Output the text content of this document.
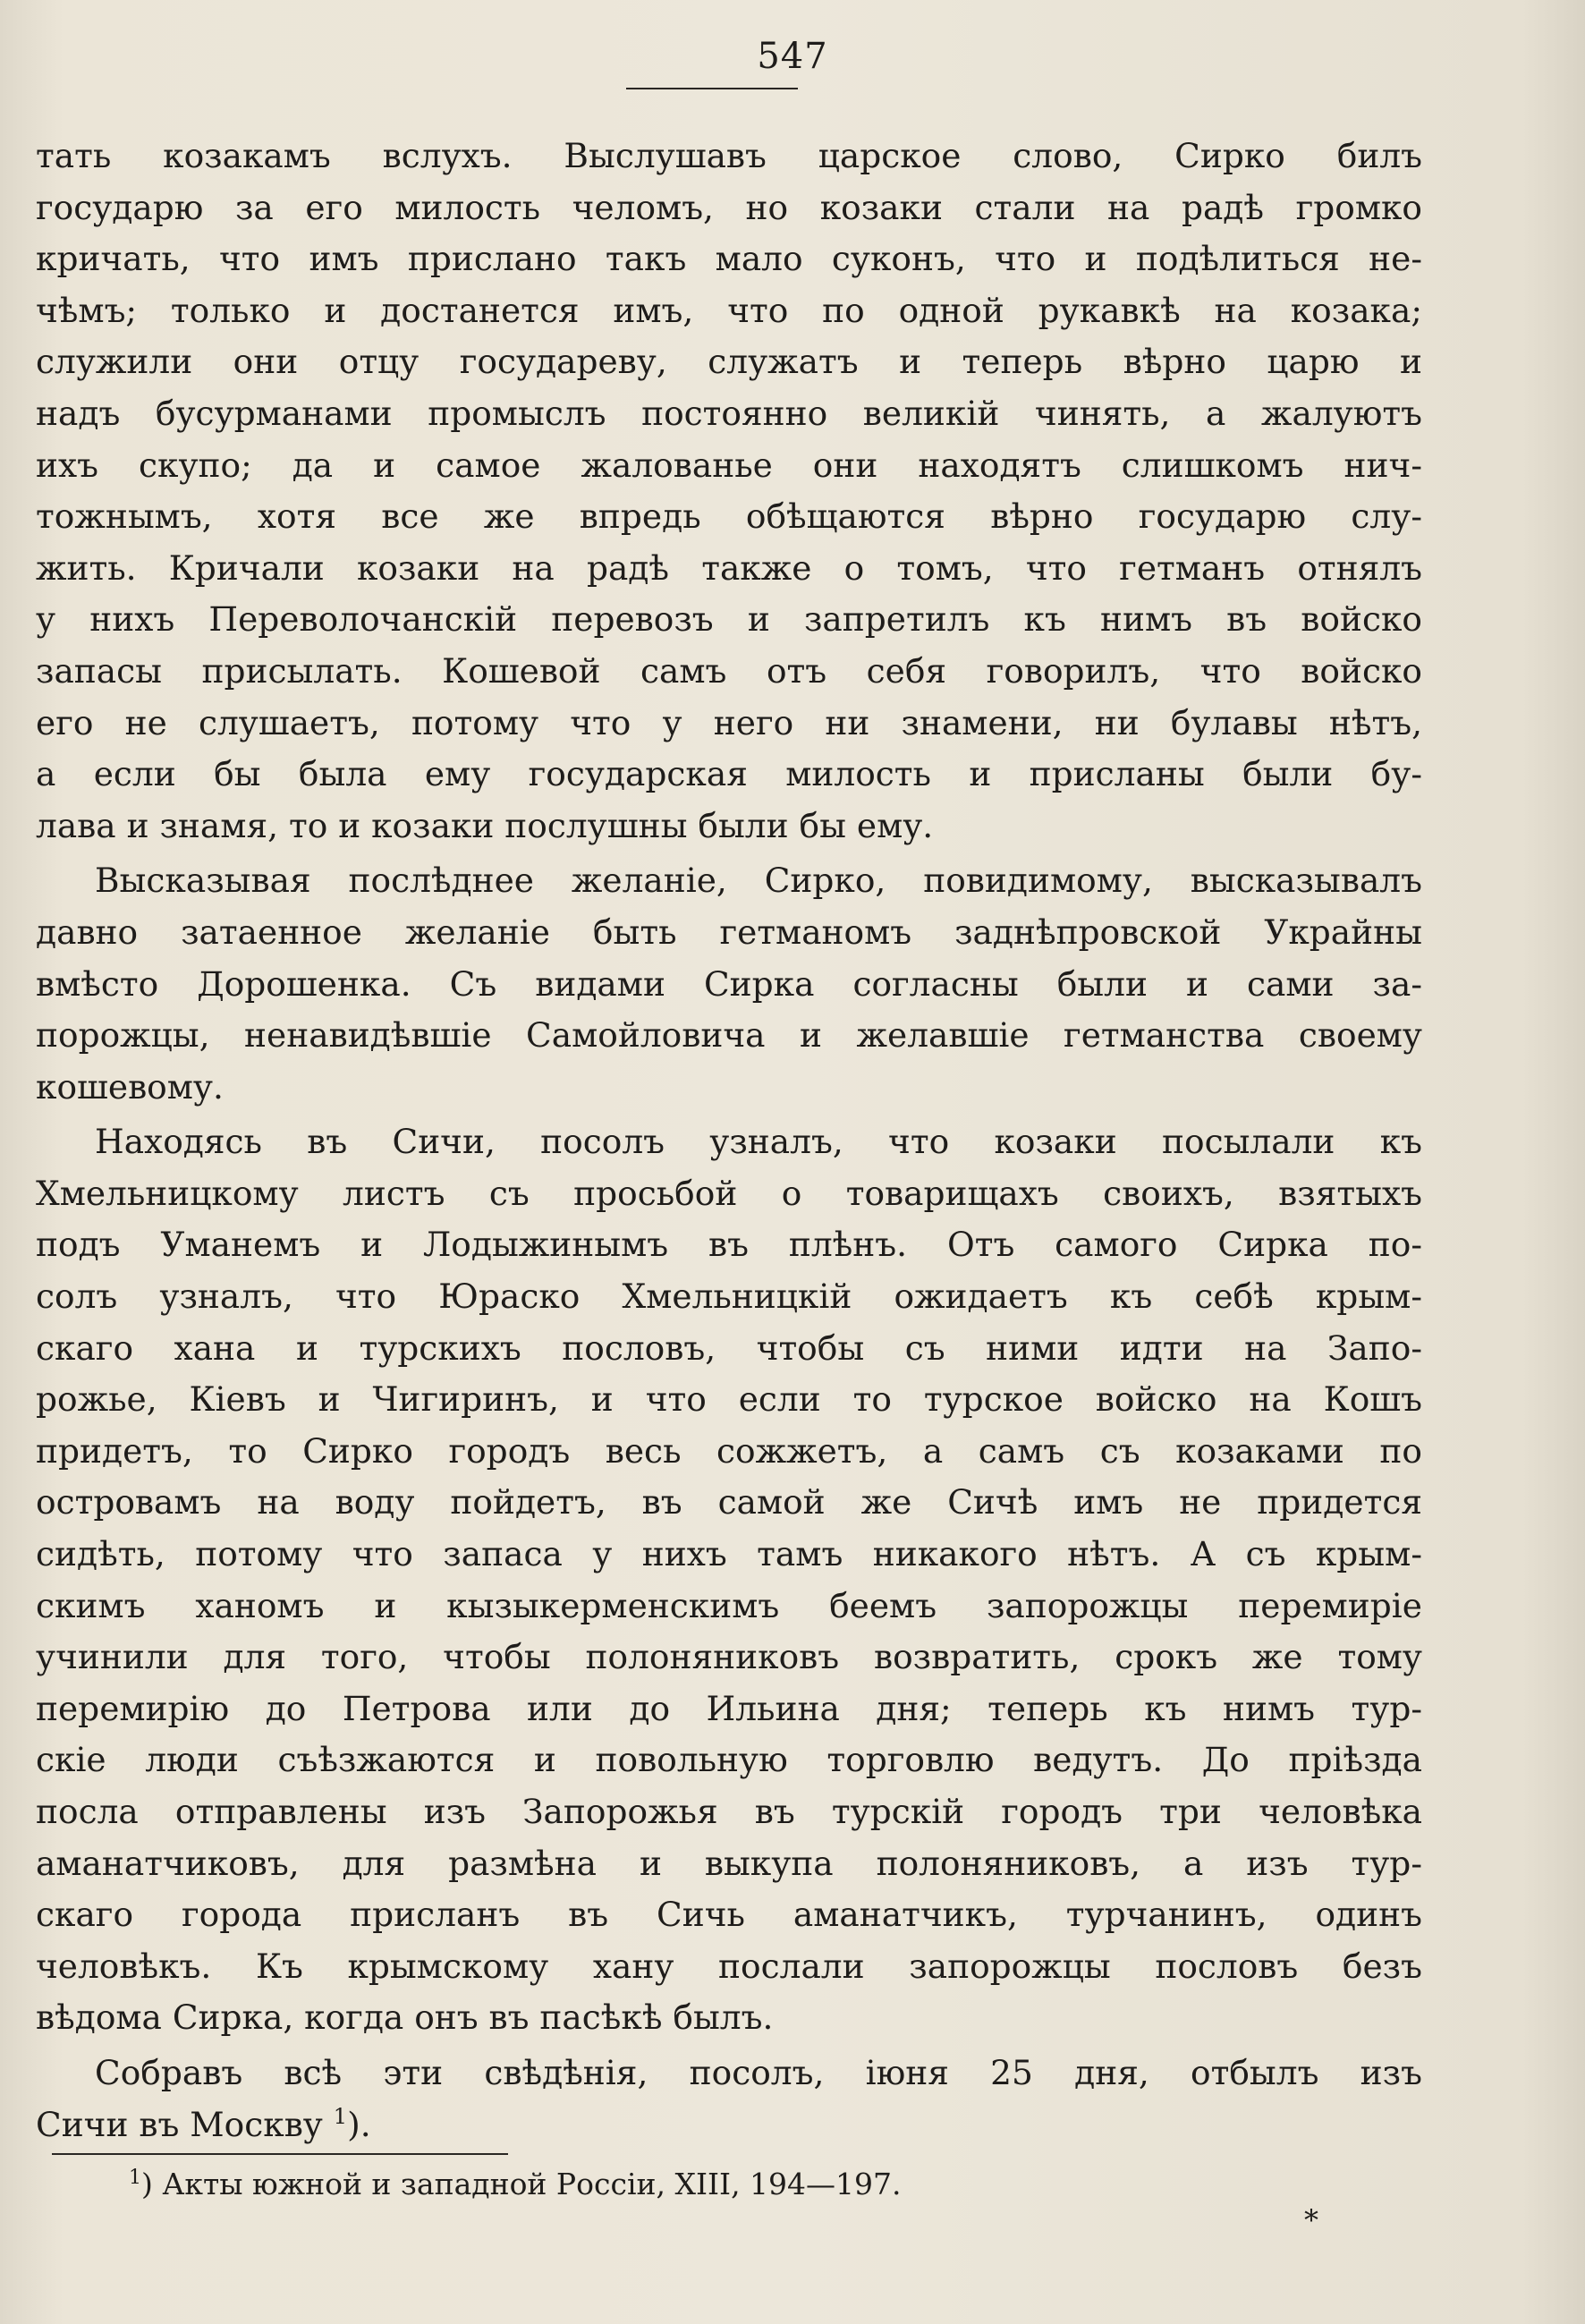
547
тать козакамъ вслухъ. Выслушавъ царское слово, Сирко билъ
государю за его милость челомъ, но козаки стали на радѣ громко
кричать, что имъ прислано такъ мало суконъ, что и подѣлиться не-
чѣмъ; только и достанется имъ, что по одной рукавкѣ на козака;
служили они отцу государеву, служатъ и теперь вѣрно царю и
надъ бусурманами промыслъ постоянно великій чинять, а жалуютъ
ихъ скупо; да и самое жалованье они находятъ слишкомъ нич-
тожнымъ, хотя все же впредь обѣщаются вѣрно государю слу-
жить. Кричали козаки на радѣ также о томъ, что гетманъ отнялъ
у нихъ Переволочанскій перевозъ и запретилъ къ нимъ въ войско
запасы присылать. Кошевой самъ отъ себя говорилъ, что войско
его не слушаетъ, потому что у него ни знамени, ни булавы нѣтъ,
а если бы была ему государская милость и присланы были бу-
лава и знамя, то и козаки послушны были бы ему.
Высказывая послѣднее желаніе, Сирко, повидимому, высказывалъ
давно затаенное желаніе быть гетманомъ заднѣпровской Украйны
вмѣсто Дорошенка. Съ видами Сирка согласны были и сами за-
порожцы, ненавидѣвшіе Самойловича и желавшіе гетманства своему
кошевому.
Находясь въ Сичи, посолъ узналъ, что козаки посылали къ
Хмельницкому листъ съ просьбой о товарищахъ своихъ, взятыхъ
подъ Уманемъ и Лодыжинымъ въ плѣнъ. Отъ самого Сирка по-
солъ узналъ, что Юраско Хмельницкій ожидаетъ къ себѣ крым-
скаго хана и турскихъ пословъ, чтобы съ ними идти на Запо-
рожье, Кіевъ и Чигиринъ, и что если то турское войско на Кошъ
придетъ, то Сирко городъ весь сожжетъ, а самъ съ козаками по
островамъ на воду пойдетъ, въ самой же Сичѣ имъ не придется
сидѣть, потому что запаса у нихъ тамъ никакого нѣтъ. А съ крым-
скимъ ханомъ и кызыкерменскимъ беемъ запорожцы перемиріе
учинили для того, чтобы полоняниковъ возвратить, срокъ же тому
перемирію до Петрова или до Ильина дня; теперь къ нимъ тур-
скіе люди съѣзжаются и повольную торговлю ведутъ. До пріѣзда
посла отправлены изъ Запорожья въ турскій городъ три человѣка
аманатчиковъ, для размѣна и выкупа полоняниковъ, а изъ тур-
скаго города присланъ въ Сичь аманатчикъ, турчанинъ, одинъ
человѣкъ. Къ крымскому хану послали запорожцы пословъ безъ
вѣдома Сирка, когда онъ въ пасѣкѣ былъ.
Собравъ всѣ эти свѣдѣнія, посолъ, іюня 25 дня, отбылъ изъ
Сичи въ Москву $^1$).
$^1$) Акты южной и западной Россіи, XIII, 194—197.
*
